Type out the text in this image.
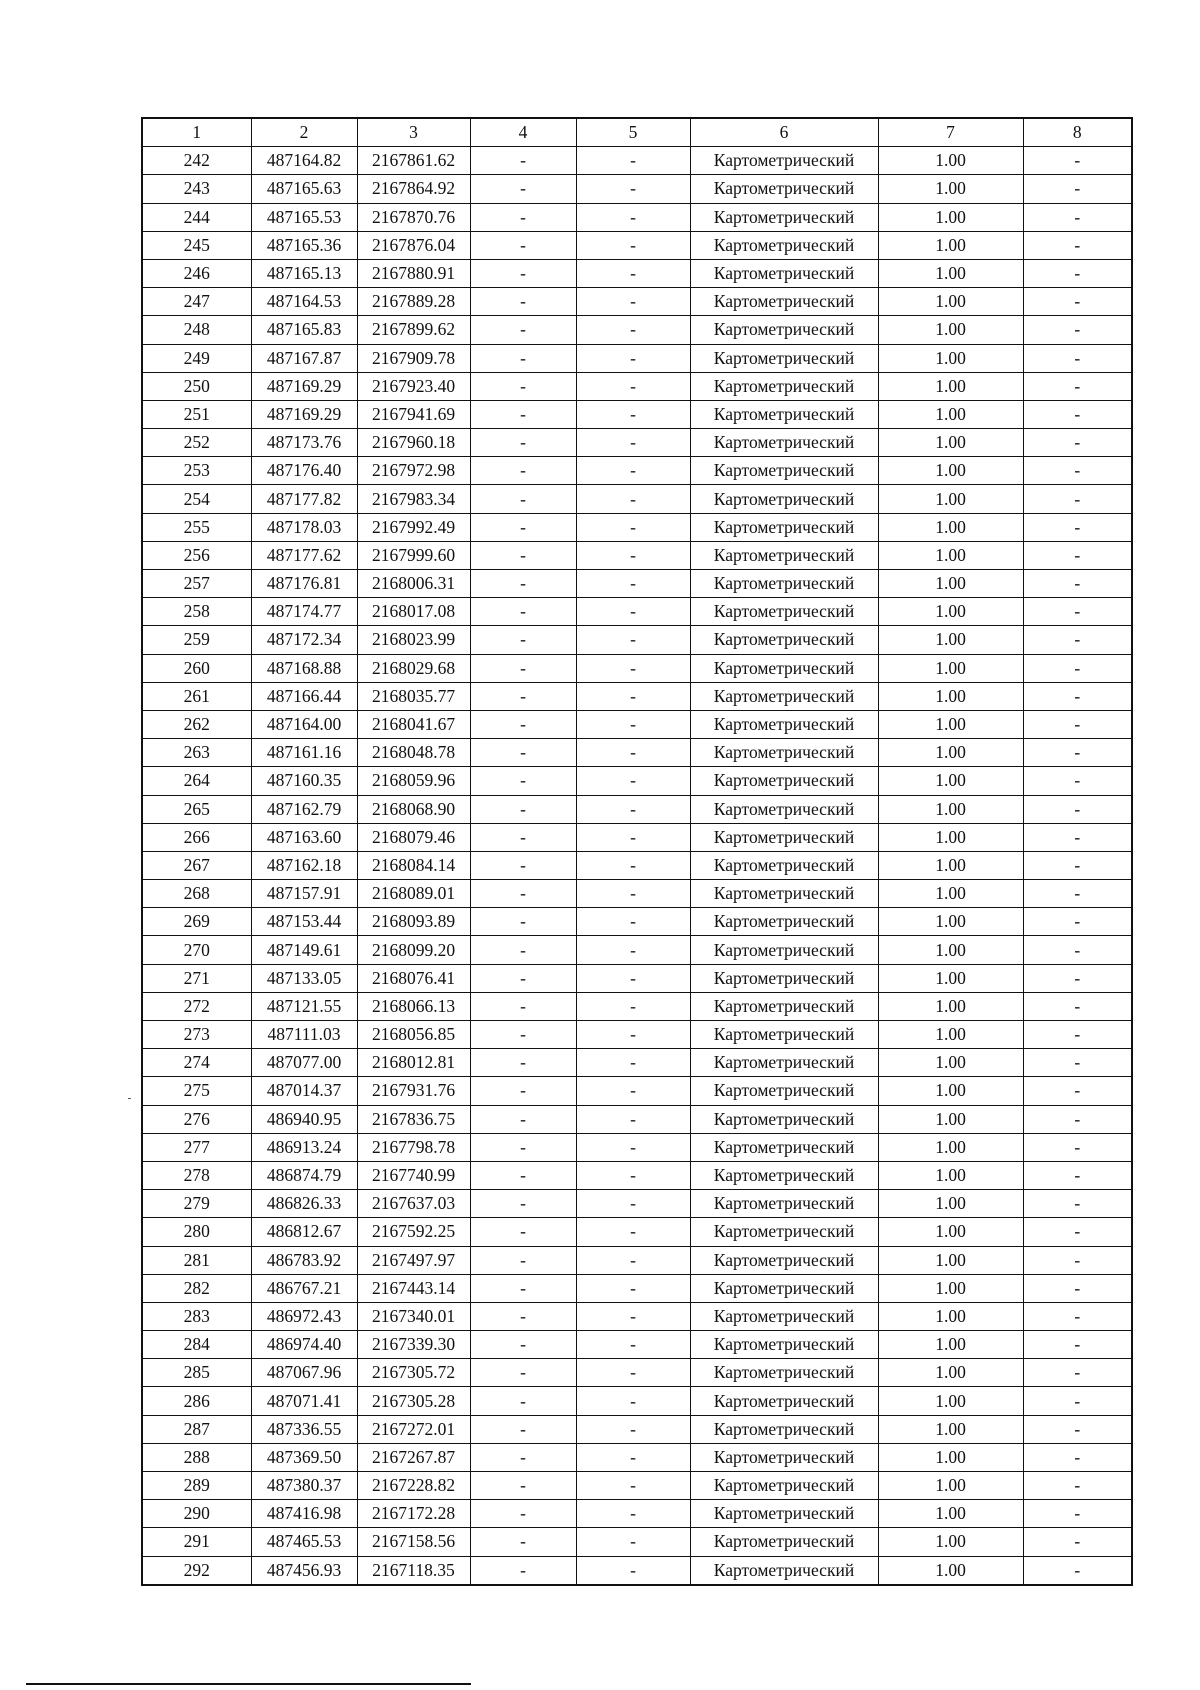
1	2	3	4	5	6	7	8
242	487164.82	2167861.62	-	-	Картометрический	1.00	-
243	487165.63	2167864.92	-	-	Картометрический	1.00	-
244	487165.53	2167870.76	-	-	Картометрический	1.00	-
245	487165.36	2167876.04	-	-	Картометрический	1.00	-
246	487165.13	2167880.91	-	-	Картометрический	1.00	-
247	487164.53	2167889.28	-	-	Картометрический	1.00	-
248	487165.83	2167899.62	-	-	Картометрический	1.00	-
249	487167.87	2167909.78	-	-	Картометрический	1.00	-
250	487169.29	2167923.40	-	-	Картометрический	1.00	-
251	487169.29	2167941.69	-	-	Картометрический	1.00	-
252	487173.76	2167960.18	-	-	Картометрический	1.00	-
253	487176.40	2167972.98	-	-	Картометрический	1.00	-
254	487177.82	2167983.34	-	-	Картометрический	1.00	-
255	487178.03	2167992.49	-	-	Картометрический	1.00	-
256	487177.62	2167999.60	-	-	Картометрический	1.00	-
257	487176.81	2168006.31	-	-	Картометрический	1.00	-
258	487174.77	2168017.08	-	-	Картометрический	1.00	-
259	487172.34	2168023.99	-	-	Картометрический	1.00	-
260	487168.88	2168029.68	-	-	Картометрический	1.00	-
261	487166.44	2168035.77	-	-	Картометрический	1.00	-
262	487164.00	2168041.67	-	-	Картометрический	1.00	-
263	487161.16	2168048.78	-	-	Картометрический	1.00	-
264	487160.35	2168059.96	-	-	Картометрический	1.00	-
265	487162.79	2168068.90	-	-	Картометрический	1.00	-
266	487163.60	2168079.46	-	-	Картометрический	1.00	-
267	487162.18	2168084.14	-	-	Картометрический	1.00	-
268	487157.91	2168089.01	-	-	Картометрический	1.00	-
269	487153.44	2168093.89	-	-	Картометрический	1.00	-
270	487149.61	2168099.20	-	-	Картометрический	1.00	-
271	487133.05	2168076.41	-	-	Картометрический	1.00	-
272	487121.55	2168066.13	-	-	Картометрический	1.00	-
273	487111.03	2168056.85	-	-	Картометрический	1.00	-
274	487077.00	2168012.81	-	-	Картометрический	1.00	-
275	487014.37	2167931.76	-	-	Картометрический	1.00	-
276	486940.95	2167836.75	-	-	Картометрический	1.00	-
277	486913.24	2167798.78	-	-	Картометрический	1.00	-
278	486874.79	2167740.99	-	-	Картометрический	1.00	-
279	486826.33	2167637.03	-	-	Картометрический	1.00	-
280	486812.67	2167592.25	-	-	Картометрический	1.00	-
281	486783.92	2167497.97	-	-	Картометрический	1.00	-
282	486767.21	2167443.14	-	-	Картометрический	1.00	-
283	486972.43	2167340.01	-	-	Картометрический	1.00	-
284	486974.40	2167339.30	-	-	Картометрический	1.00	-
285	487067.96	2167305.72	-	-	Картометрический	1.00	-
286	487071.41	2167305.28	-	-	Картометрический	1.00	-
287	487336.55	2167272.01	-	-	Картометрический	1.00	-
288	487369.50	2167267.87	-	-	Картометрический	1.00	-
289	487380.37	2167228.82	-	-	Картометрический	1.00	-
290	487416.98	2167172.28	-	-	Картометрический	1.00	-
291	487465.53	2167158.56	-	-	Картометрический	1.00	-
292	487456.93	2167118.35	-	-	Картометрический	1.00	-
